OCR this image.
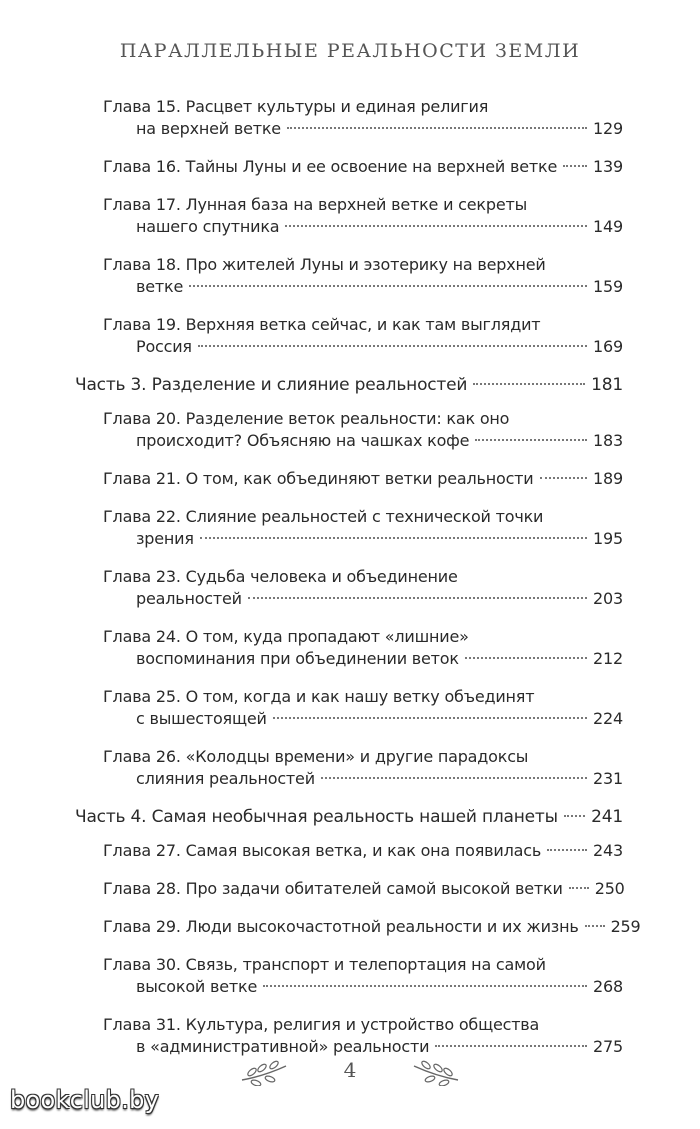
ПАРАЛЛЕЛЬНЫЕ РЕАЛЬНОСТИ ЗЕМЛИ
Глава 15. Расцвет культуры и единая религия
на верхней ветке	129
Глава 16. Тайны Луны и ее освоение на верхней ветке 139
Глава 17. Лунная база на верхней ветке и секреты
нашего спутника	149
Глава 18. Про жителей Луны и эзотерику на верхней
ветке	159
Глава 19. Верхняя ветка сейчас, и как там выглядит
Россия	169
Часть 3. Разделение и слияние реальностей	181
Глава 20. Разделение веток реальности: как оно
происходит? Объясняю на чашках кофе	183
Глава 21. О том, как объединяют ветки реальности	189
Глава 22. Слияние реальностей с технической точки
зрения	195
Глава 23. Судьба человека и объединение
реальностей	203
Глава 24. О том, куда пропадают «лишние»
воспоминания при объединении веток	212
Глава 25. О том, когда и как нашу ветку объединят
с вышестоящей	224
Глава 26. «Колодцы времени» и другие парадоксы
слияния реальностей	231
Часть 4. Самая необычная реальность нашей планеты 241
Глава 27. Самая высокая ветка, и как она появилась	243
Глава 28. Про задачи обитателей самой высокой ветки 250
Глава 29. Люди высокочастотной реальности и их жизнь 259
Глава 30. Связь, транспорт и телепортация на самой
высокой ветке	268
Глава 31. Культура, религия и устройство общества
в «административной» реальности	275
4
bookclub.by
